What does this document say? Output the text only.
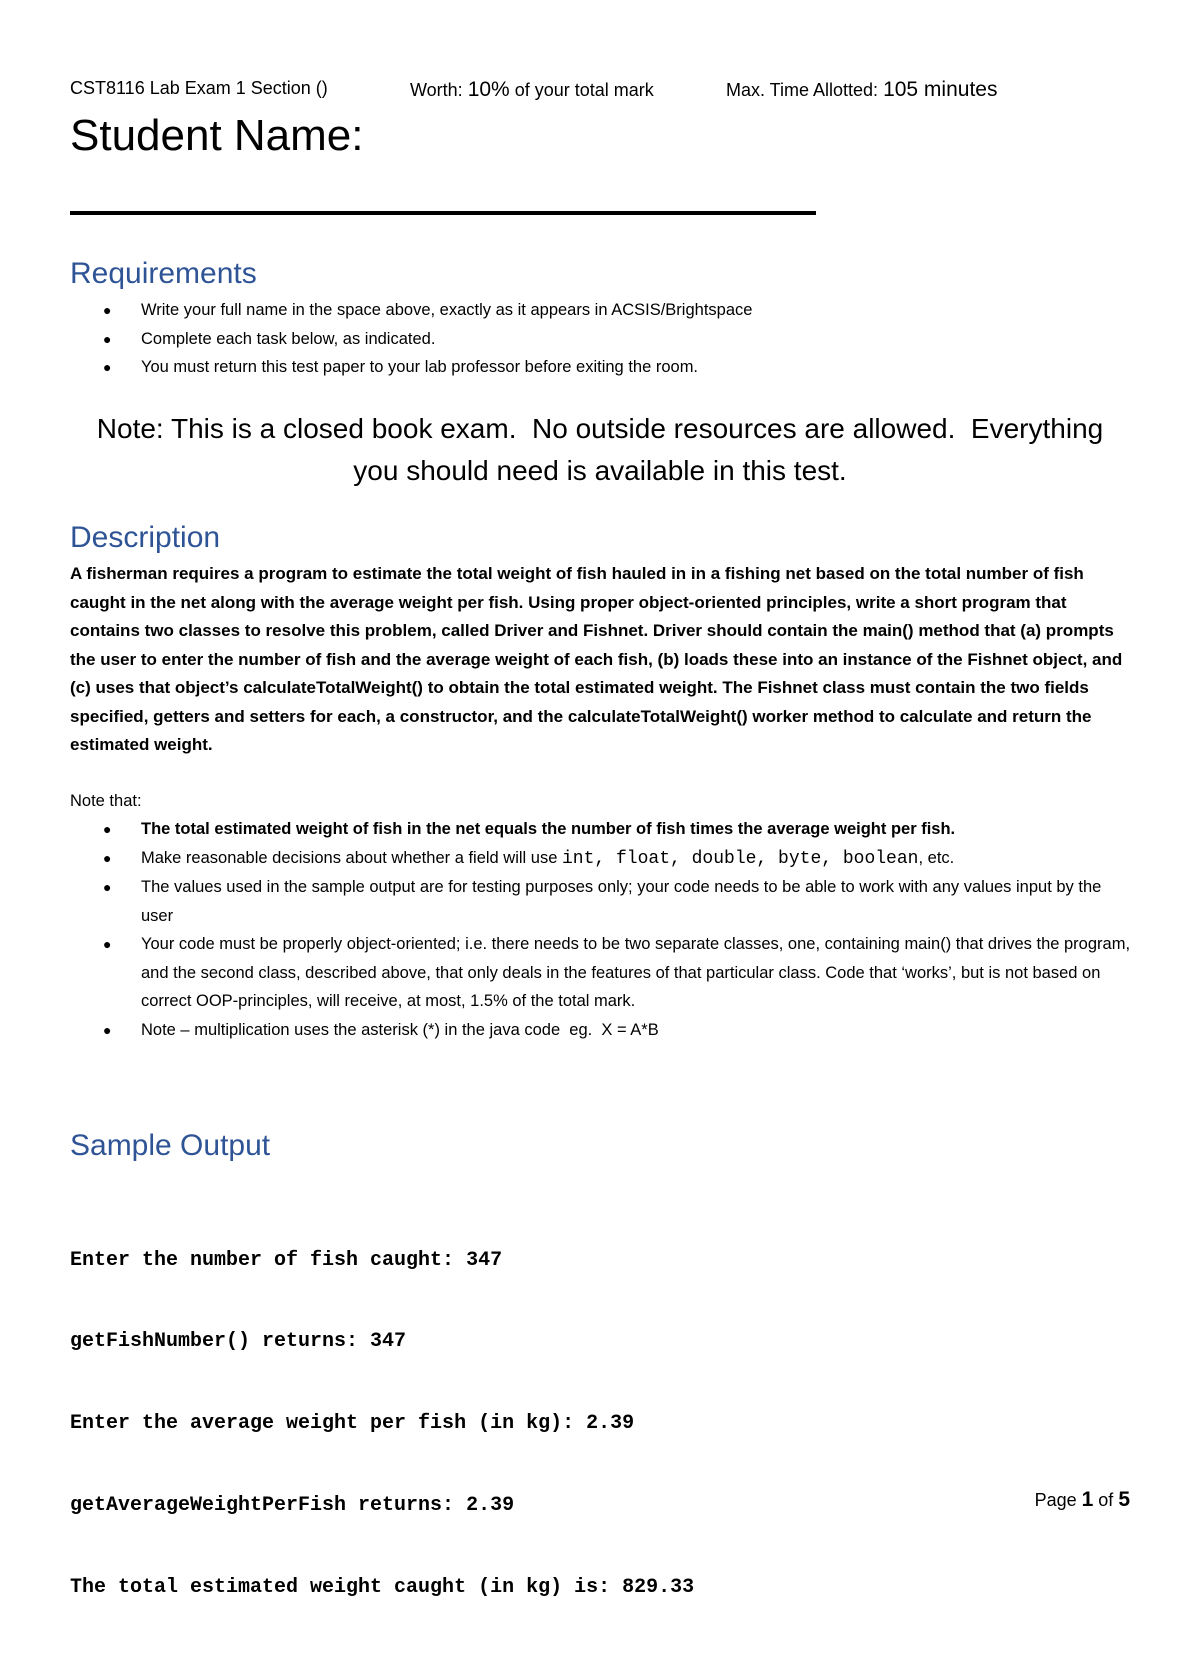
CST8116 Lab Exam 1 Section ()	Worth: 10% of your total mark	Max. Time Allotted: 105 minutes
Student Name:
Requirements
● Write your full name in the space above, exactly as it appears in ACSIS/Brightspace
● Complete each task below, as indicated.
● You must return this test paper to your lab professor before exiting the room.
Note: This is a closed book exam.  No outside resources are allowed.  Everything
you should need is available in this test.
Description
A fisherman requires a program to estimate the total weight of fish hauled in in a fishing net based on the total number of fish caught in the net along with the average weight per fish. Using proper object-oriented principles, write a short program that contains two classes to resolve this problem, called Driver and Fishnet. Driver should contain the main() method that (a) prompts the user to enter the number of fish and the average weight of each fish, (b) loads these into an instance of the Fishnet object, and (c) uses that object’s calculateTotalWeight() to obtain the total estimated weight. The Fishnet class must contain the two fields specified, getters and setters for each, a constructor, and the calculateTotalWeight() worker method to calculate and return the estimated weight.
Note that:
● The total estimated weight of fish in the net equals the number of fish times the average weight per fish.
● Make reasonable decisions about whether a field will use int, float, double, byte, boolean, etc.
● The values used in the sample output are for testing purposes only; your code needs to be able to work with any values input by the user
● Your code must be properly object-oriented; i.e. there needs to be two separate classes, one, containing main() that drives the program, and the second class, described above, that only deals in the features of that particular class. Code that ‘works’, but is not based on correct OOP-principles, will receive, at most, 1.5% of the total mark.
● Note – multiplication uses the asterisk (*) in the java code  eg.  X = A*B
Sample Output

Enter the number of fish caught: 347

getFishNumber() returns: 347

Enter the average weight per fish (in kg): 2.39

getAverageWeightPerFish returns: 2.39

The total estimated weight caught (in kg) is: 829.33

Page 1 of 5
